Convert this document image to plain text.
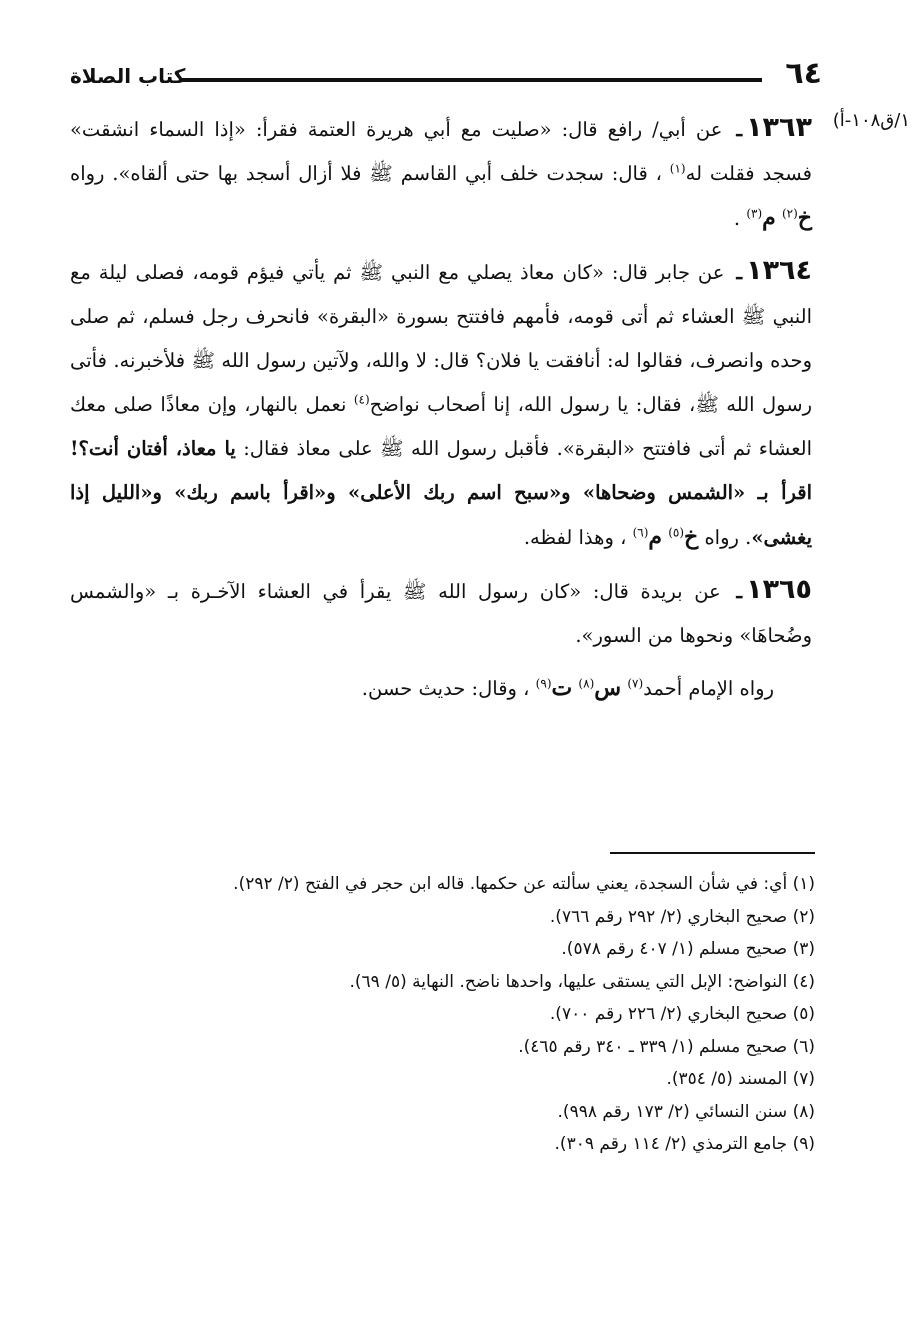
٦٤
كتاب الصلاة
١/ق١٠٨-أ)

١٣٦٣ـ عن أبي/ رافع قال: «صليت مع أبي هريرة العتمة فقرأ: «إذا السماء انشقت» فسجد فقلت له$^{(١)}$ ، قال: سجدت خلف أبي القاسم ﷺ فلا أزال أسجد بها حتى ألقاه». رواه خ$^{(٢)}$ م$^{(٣)}$ .

١٣٦٤ـ عن جابر قال: «كان معاذ يصلي مع النبي ﷺ ثم يأتي فيؤم قومه، فصلى ليلة مع النبي ﷺ العشاء ثم أتى قومه، فأمهم فافتتح بسورة «البقرة» فانحرف رجل فسلم، ثم صلى وحده وانصرف، فقالوا له: أنافقت يا فلان؟ قال: لا والله، ولآتين رسول الله ﷺ فلأخبرنه. فأتى رسول الله ﷺ، فقال: يا رسول الله، إنا أصحاب نواضح$^{(٤)}$ نعمل بالنهار، وإن معاذًا صلى معك العشاء ثم أتى فافتتح «البقرة». فأقبل رسول الله ﷺ على معاذ فقال: يا معاذ، أفتان أنت؟! اقرأ بـ «الشمس وضحاها» و«سبح اسم ربك الأعلى» و«اقرأ باسم ربك» و«الليل إذا يغشى». رواه خ$^{(٥)}$ م$^{(٦)}$ ، وهذا لفظه.

١٣٦٥ـ عن بريدة قال: «كان رسول الله ﷺ يقرأ في العشاء الآخـرة بـ «والشمس وضُحاهَا» ونحوها من السور».

رواه الإمام أحمد$^{(٧)}$ س$^{(٨)}$ ت$^{(٩)}$ ، وقال: حديث حسن.
(١) أي: في شأن السجدة، يعني سألته عن حكمها. قاله ابن حجر في الفتح (٢/ ٢٩٢).
(٢) صحيح البخاري (٢/ ٢٩٢ رقم ٧٦٦).
(٣) صحيح مسلم (١/ ٤٠٧ رقم ٥٧٨).
(٤) النواضح: الإبل التي يستقى عليها، واحدها ناضح. النهاية (٥/ ٦٩).
(٥) صحيح البخاري (٢/ ٢٢٦ رقم ٧٠٠).
(٦) صحيح مسلم (١/ ٣٣٩ ـ ٣٤٠ رقم ٤٦٥).
(٧) المسند (٥/ ٣٥٤).
(٨) سنن النسائي (٢/ ١٧٣ رقم ٩٩٨).
(٩) جامع الترمذي (٢/ ١١٤ رقم ٣٠٩).
